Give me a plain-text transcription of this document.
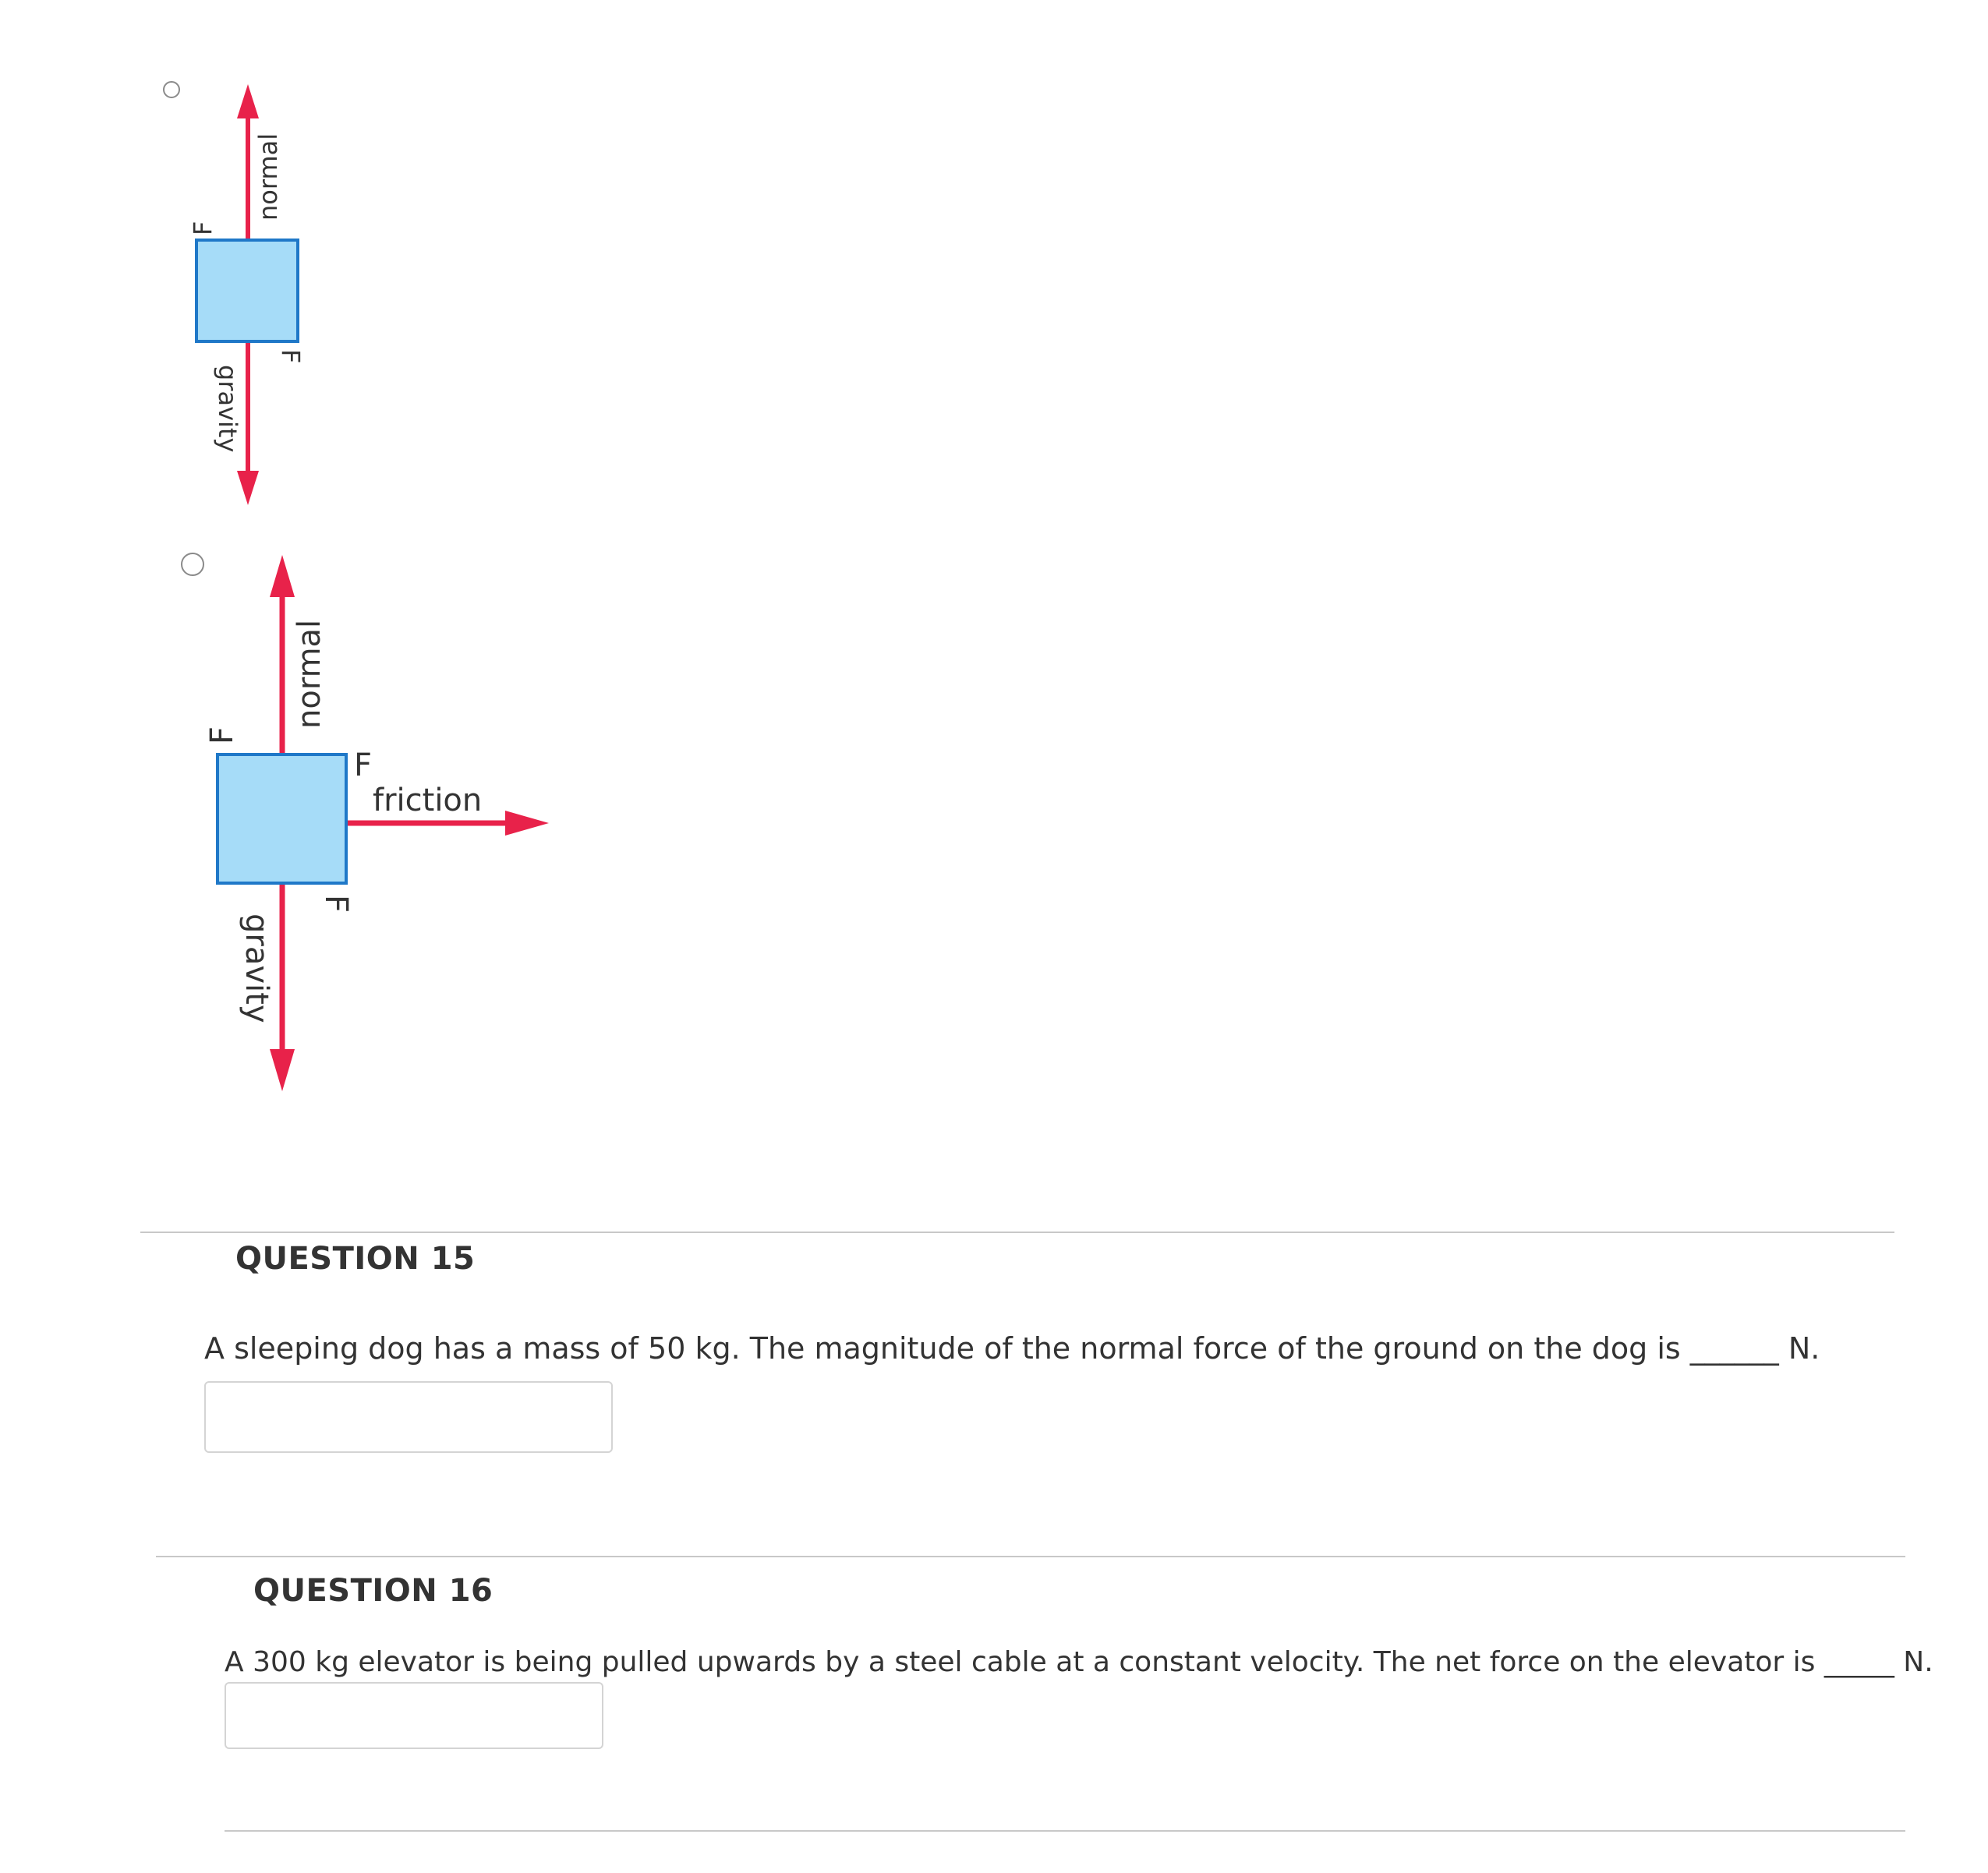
normal
F
gravity
F
normal
F
F
friction
gravity
F
QUESTION 15
A sleeping dog has a mass of 50 kg. The magnitude of the normal force of the ground on the dog is ______ N.
QUESTION 16
A 300 kg elevator is being pulled upwards by a steel cable at a constant velocity. The net force on the elevator is _____ N.
